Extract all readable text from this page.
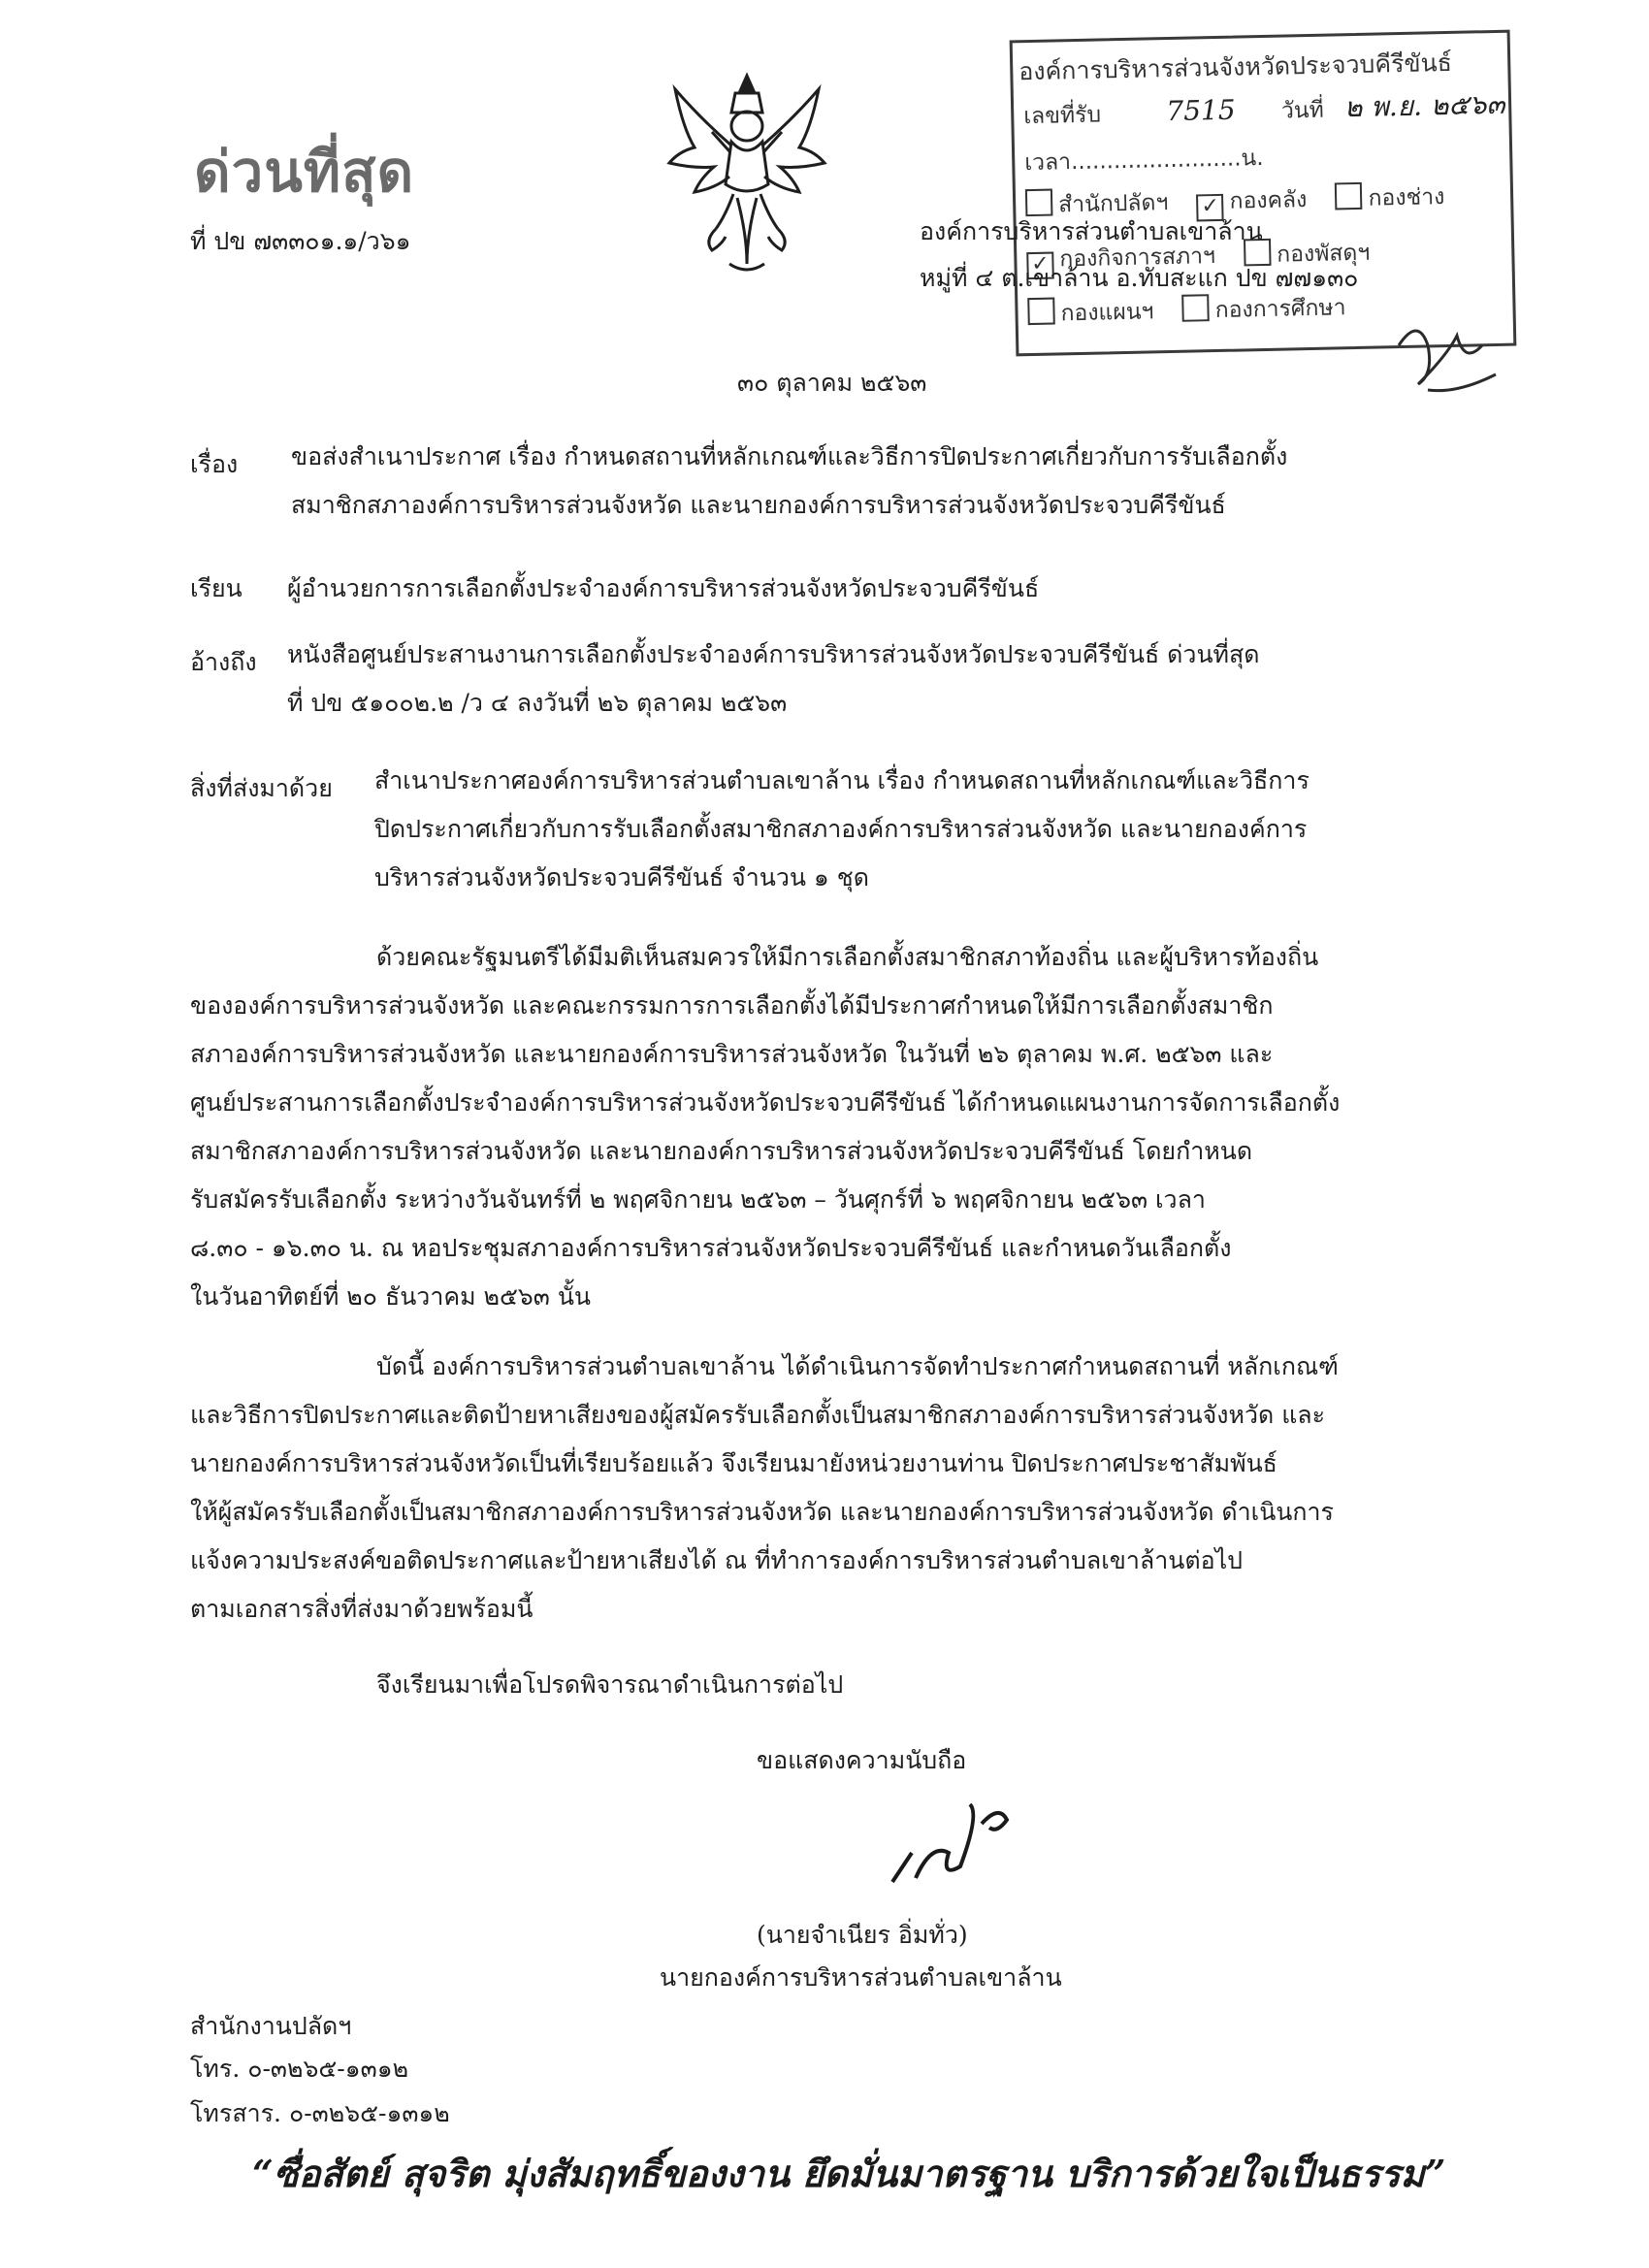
ด่วนที่สุด
ที่ ปข ๗๓๓๐๑.๑/ว๖๑
องค์การบริหารส่วนจังหวัดประจวบคีรีขันธ์
เลขที่รับ 7515 วันที่ ๒ พ.ย. ๒๕๖๓
เวลา........................น.
สำนักปลัดฯ ✓	กองคลัง	กองช่าง
✓กองกิจการสภาฯ	กองพัสดุฯ
กองแผนฯ	กองการศึกษา
องค์การบริหารส่วนตำบลเขาล้าน
หมู่ที่ ๔ ต.เขาล้าน อ.ทับสะแก ปข ๗๗๑๓๐
๓๐ ตุลาคม ๒๕๖๓
เรื่อง ขอส่งสำเนาประกาศ เรื่อง กำหนดสถานที่หลักเกณฑ์และวิธีการปิดประกาศเกี่ยวกับการรับเลือกตั้ง
สมาชิกสภาองค์การบริหารส่วนจังหวัด และนายกองค์การบริหารส่วนจังหวัดประจวบคีรีขันธ์
เรียน ผู้อำนวยการการเลือกตั้งประจำองค์การบริหารส่วนจังหวัดประจวบคีรีขันธ์
อ้างถึง หนังสือศูนย์ประสานงานการเลือกตั้งประจำองค์การบริหารส่วนจังหวัดประจวบคีรีขันธ์ ด่วนที่สุด
ที่ ปข ๕๑๐๐๒.๒ /ว ๔ ลงวันที่ ๒๖ ตุลาคม ๒๕๖๓
สิ่งที่ส่งมาด้วย สำเนาประกาศองค์การบริหารส่วนตำบลเขาล้าน เรื่อง กำหนดสถานที่หลักเกณฑ์และวิธีการ
ปิดประกาศเกี่ยวกับการรับเลือกตั้งสมาชิกสภาองค์การบริหารส่วนจังหวัด และนายกองค์การ
บริหารส่วนจังหวัดประจวบคีรีขันธ์ จำนวน ๑ ชุด
ด้วยคณะรัฐมนตรีได้มีมติเห็นสมควรให้มีการเลือกตั้งสมาชิกสภาท้องถิ่น และผู้บริหารท้องถิ่น
ขององค์การบริหารส่วนจังหวัด และคณะกรรมการการเลือกตั้งได้มีประกาศกำหนดให้มีการเลือกตั้งสมาชิก
สภาองค์การบริหารส่วนจังหวัด และนายกองค์การบริหารส่วนจังหวัด ในวันที่ ๒๖ ตุลาคม พ.ศ. ๒๕๖๓ และ
ศูนย์ประสานการเลือกตั้งประจำองค์การบริหารส่วนจังหวัดประจวบคีรีขันธ์ ได้กำหนดแผนงานการจัดการเลือกตั้ง
สมาชิกสภาองค์การบริหารส่วนจังหวัด และนายกองค์การบริหารส่วนจังหวัดประจวบคีรีขันธ์ โดยกำหนด
รับสมัครรับเลือกตั้ง ระหว่างวันจันทร์ที่ ๒ พฤศจิกายน ๒๕๖๓ – วันศุกร์ที่ ๖ พฤศจิกายน ๒๕๖๓ เวลา
๘.๓๐ - ๑๖.๓๐ น. ณ หอประชุมสภาองค์การบริหารส่วนจังหวัดประจวบคีรีขันธ์ และกำหนดวันเลือกตั้ง
ในวันอาทิตย์ที่ ๒๐ ธันวาคม ๒๕๖๓ นั้น
บัดนี้ องค์การบริหารส่วนตำบลเขาล้าน ได้ดำเนินการจัดทำประกาศกำหนดสถานที่ หลักเกณฑ์
และวิธีการปิดประกาศและติดป้ายหาเสียงของผู้สมัครรับเลือกตั้งเป็นสมาชิกสภาองค์การบริหารส่วนจังหวัด และ
นายกองค์การบริหารส่วนจังหวัดเป็นที่เรียบร้อยแล้ว จึงเรียนมายังหน่วยงานท่าน ปิดประกาศประชาสัมพันธ์
ให้ผู้สมัครรับเลือกตั้งเป็นสมาชิกสภาองค์การบริหารส่วนจังหวัด และนายกองค์การบริหารส่วนจังหวัด ดำเนินการ
แจ้งความประสงค์ขอติดประกาศและป้ายหาเสียงได้ ณ ที่ทำการองค์การบริหารส่วนตำบลเขาล้านต่อไป
ตามเอกสารสิ่งที่ส่งมาด้วยพร้อมนี้
จึงเรียนมาเพื่อโปรดพิจารณาดำเนินการต่อไป
ขอแสดงความนับถือ
(นายจำเนียร อิ่มทั่ว)
นายกองค์การบริหารส่วนตำบลเขาล้าน
สำนักงานปลัดฯ
โทร. ๐-๓๒๖๕-๑๓๑๒
โทรสาร. ๐-๓๒๖๕-๑๓๑๒
“ซื่อสัตย์ สุจริต มุ่งสัมฤทธิ์ของงาน ยึดมั่นมาตรฐาน บริการด้วยใจเป็นธรรม”
